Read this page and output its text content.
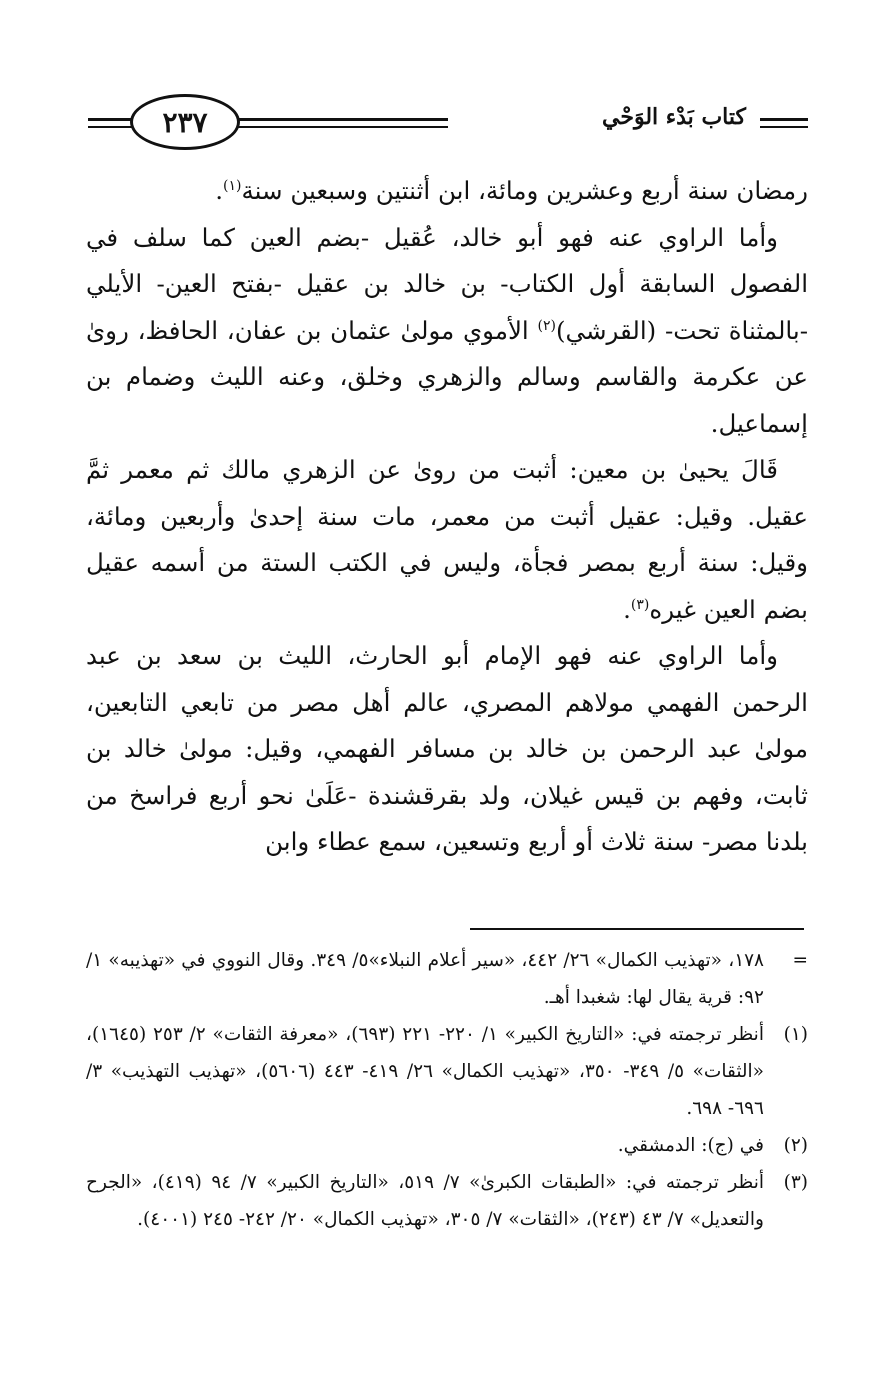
كتاب بَدْء الوَحْي
٢٣٧

رمضان سنة أربع وعشرين ومائة، ابن أثنتين وسبعين سنة$^{(١)}$.

وأما الراوي عنه فهو أبو خالد، عُقيل -بضم العين كما سلف في الفصول السابقة أول الكتاب- بن خالد بن عقيل -بفتح العين- الأيلي -بالمثناة تحت- (القرشي)$^{(٢)}$ الأموي مولىٰ عثمان بن عفان، الحافظ، روىٰ عن عكرمة والقاسم وسالم والزهري وخلق، وعنه الليث وضمام بن إسماعيل.

قَالَ يحيىٰ بن معين: أثبت من روىٰ عن الزهري مالك ثم معمر ثمَّ عقيل. وقيل: عقيل أثبت من معمر، مات سنة إحدىٰ وأربعين ومائة، وقيل: سنة أربع بمصر فجأة، وليس في الكتب الستة من أسمه عقيل بضم العين غيره$^{(٣)}$.

وأما الراوي عنه فهو الإمام أبو الحارث، الليث بن سعد بن عبد الرحمن الفهمي مولاهم المصري، عالم أهل مصر من تابعي التابعين، مولىٰ عبد الرحمن بن خالد بن مسافر الفهمي، وقيل: مولىٰ خالد بن ثابت، وفهم بن قيس غيلان، ولد بقرقشندة -عَلَىٰ نحو أربع فراسخ من بلدنا مصر- سنة ثلاث أو أربع وتسعين، سمع عطاء وابن

=
١٧٨، «تهذيب الكمال» ٢٦/ ٤٤٢، «سير أعلام النبلاء»٥/ ٣٤٩. وقال النووي في «تهذيبه» ١/ ٩٢: قرية يقال لها: شغبدا أهـ.

(١)
أنظر ترجمته في: «التاريخ الكبير» ١/ ٢٢٠- ٢٢١ (٦٩٣)، «معرفة الثقات» ٢/ ٢٥٣ (١٦٤٥)، «الثقات» ٥/ ٣٤٩- ٣٥٠، «تهذيب الكمال» ٢٦/ ٤١٩- ٤٤٣ (٥٦٠٦)، «تهذيب التهذيب» ٣/ ٦٩٦- ٦٩٨.

(٢)
في (ج): الدمشقي.

(٣)
أنظر ترجمته في: «الطبقات الكبرىٰ» ٧/ ٥١٩، «التاريخ الكبير» ٧/ ٩٤ (٤١٩)، «الجرح والتعديل» ٧/ ٤٣ (٢٤٣)، «الثقات» ٧/ ٣٠٥، «تهذيب الكمال» ٢٠/ ٢٤٢- ٢٤٥ (٤٠٠١).
